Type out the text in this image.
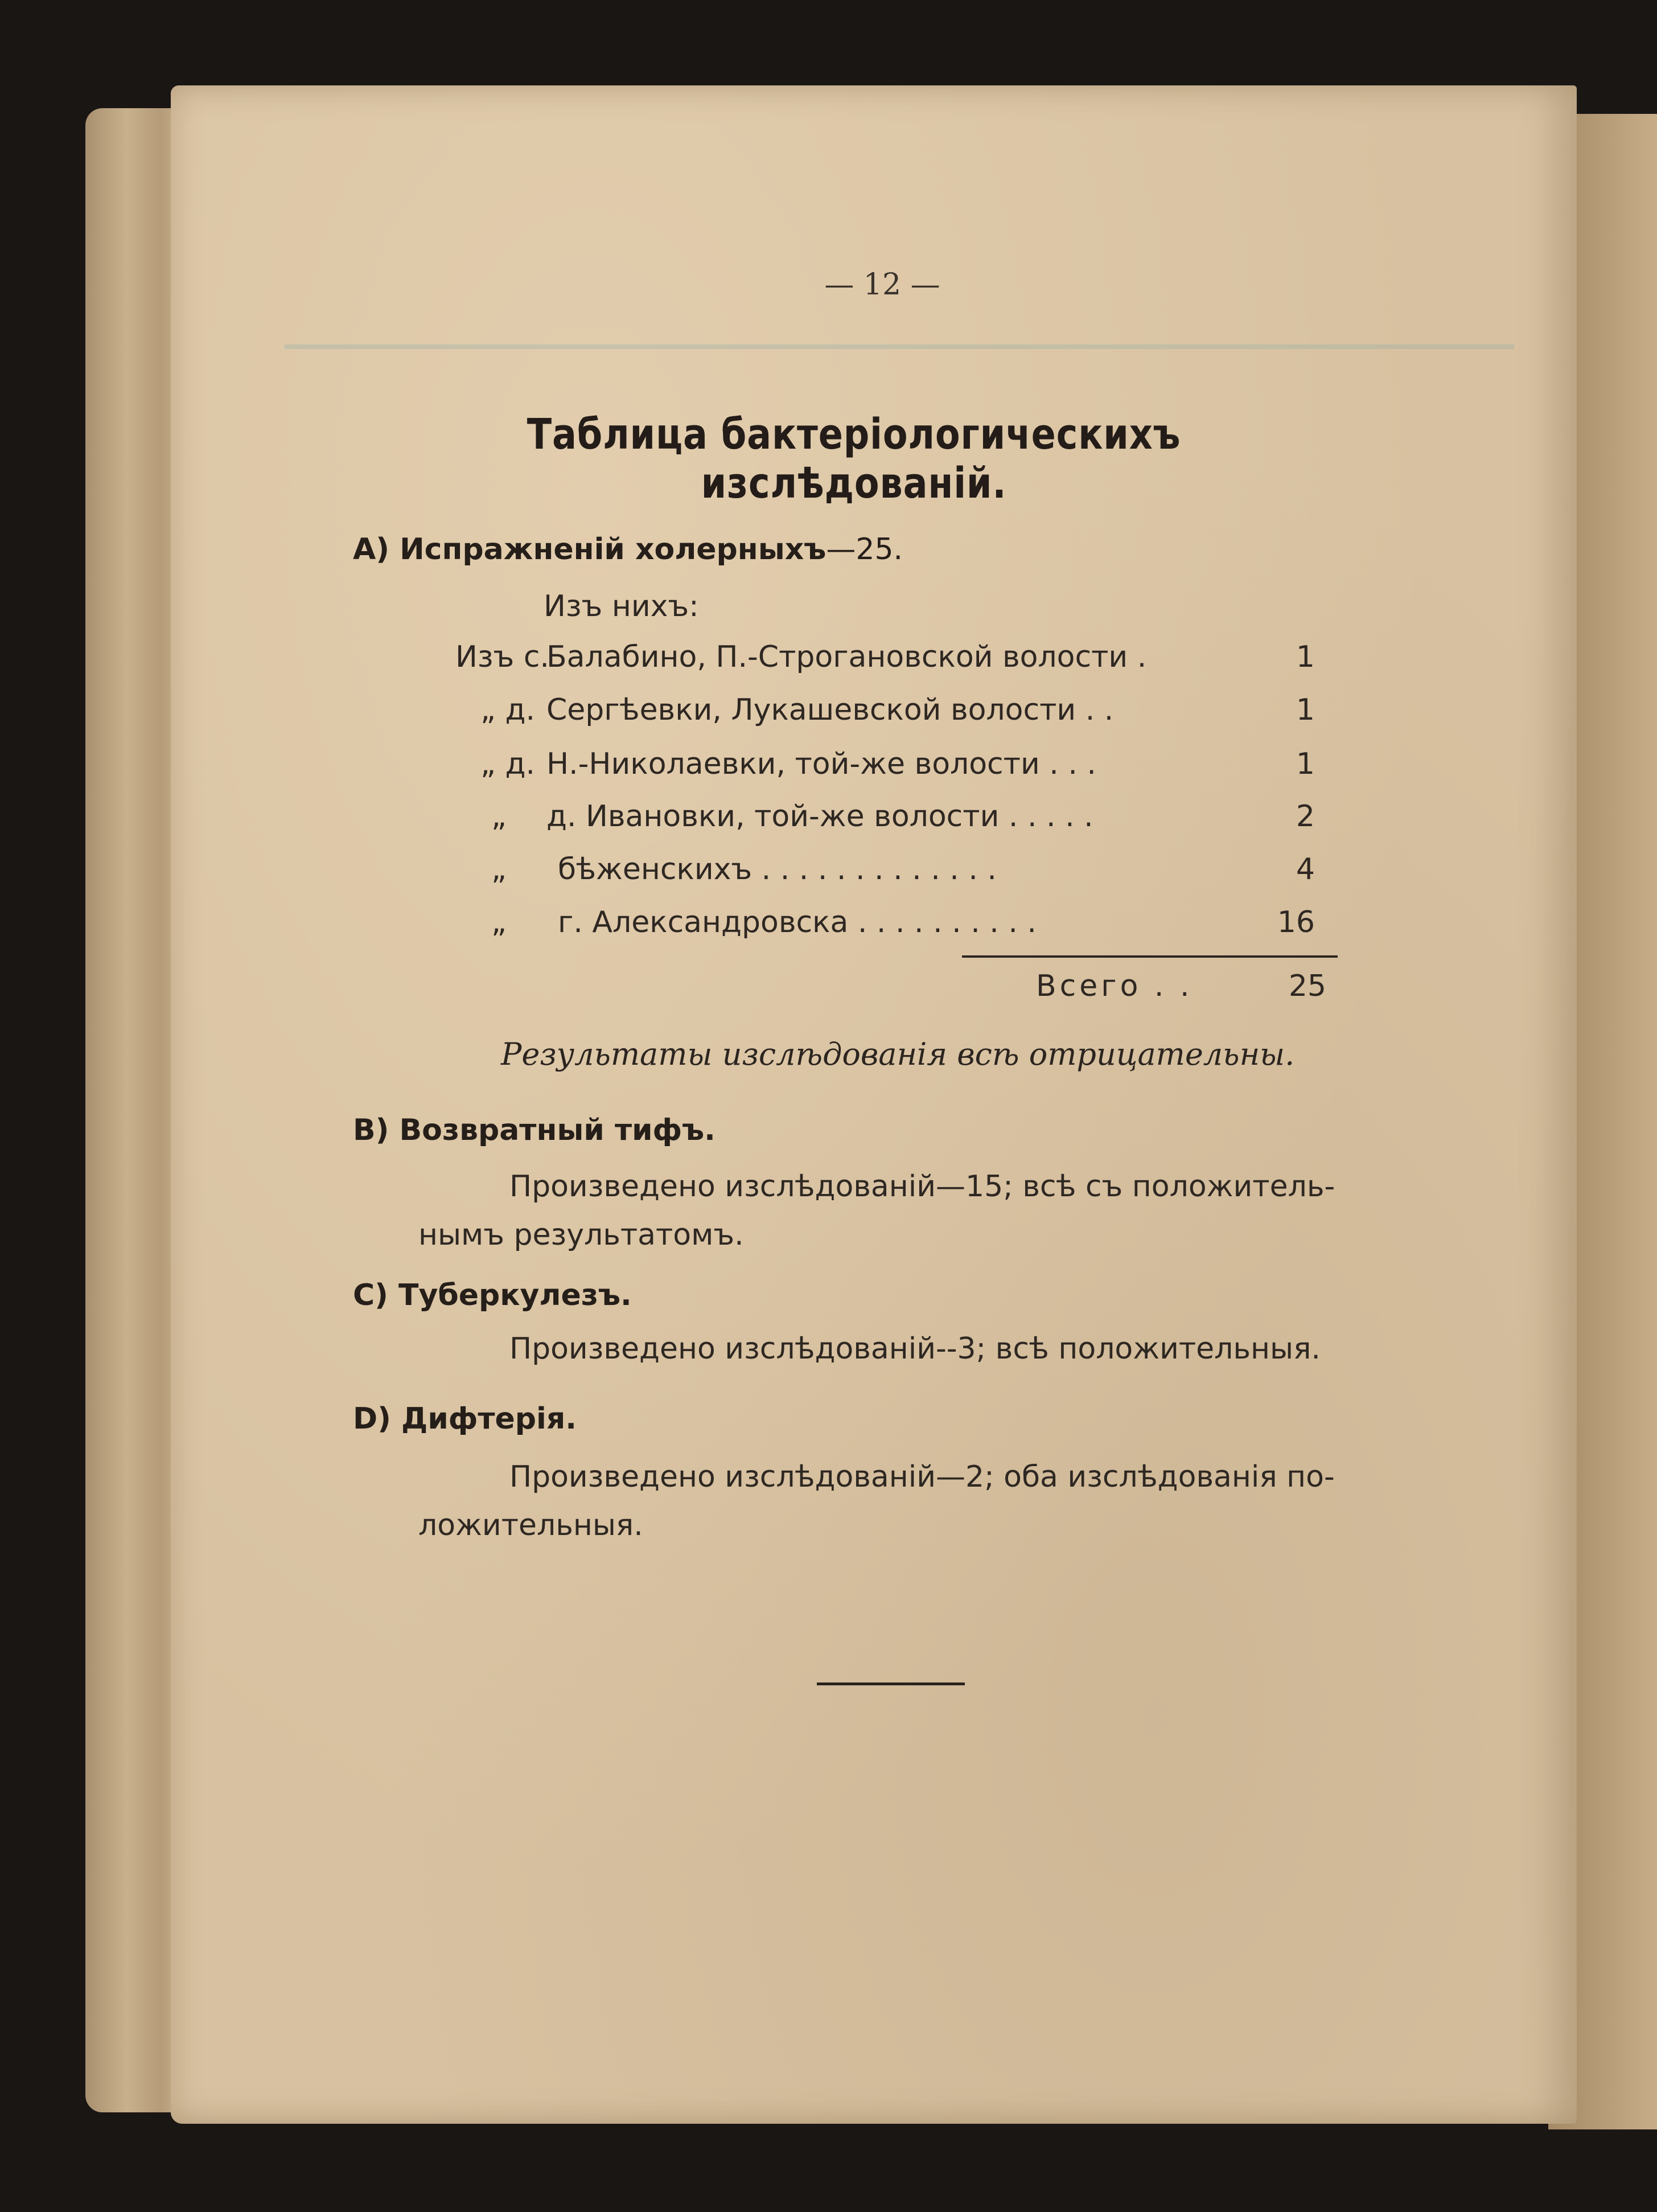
— 12 —
Таблица бактеріологическихъ изслѣдованій.
А) Испражненій холерныхъ—25.
Изъ нихъ:
Изъ с.
Балабино, П.-Строгановской волости .	1
„ д. Сергѣевки, Лукашевской волости . .	1
„ д. Н.-Николаевки, той-же волости . . .	1
„ д. Ивановки, той-же волости . . . . .	2
„ бѣженскихъ . . . . . . . . . . . . .	4
„ г. Александровска . . . . . . . . . .	16
Всего . .	25
Результаты изслѣдованія всѣ отрицательны.
В) Возвратный тифъ.
Произведено изслѣдованій—15; всѣ съ положитель-
нымъ результатомъ.
С) Туберкулезъ.
Произведено изслѣдованій--3; всѣ положительныя.
D) Дифтерія.
Произведено изслѣдованій—2; оба изслѣдованія по-
ложительныя.
